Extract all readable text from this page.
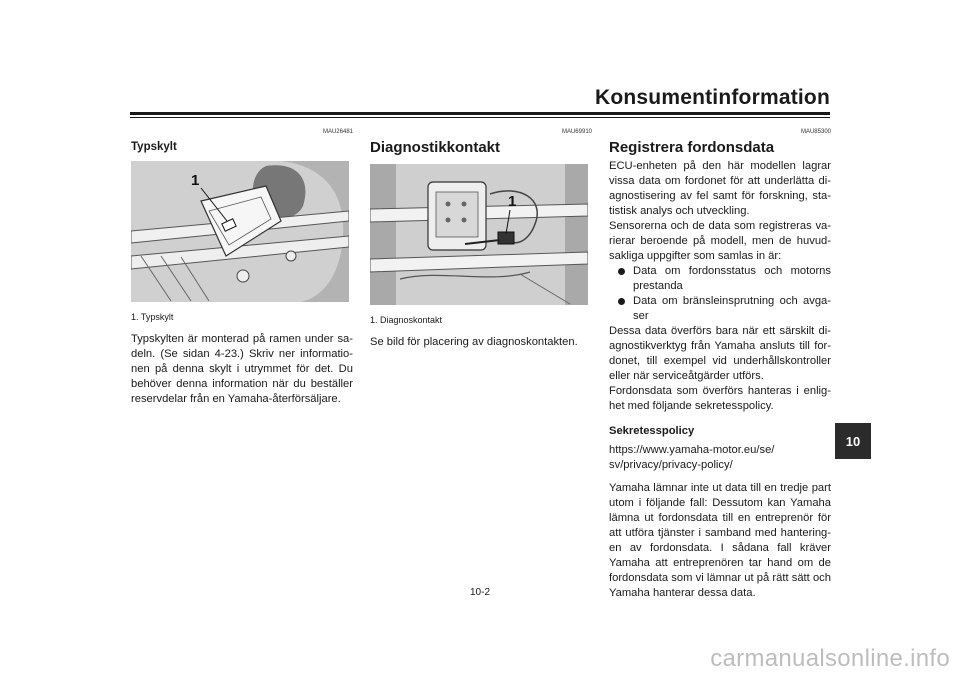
Konsumentinformation
MAU26481
Typskylt
1
1. Typskylt
Typskylten är monterad på ramen under sa-deln. (Se sidan 4-23.) Skriv ner informatio-nen på denna skylt i utrymmet för det. Du behöver denna information när du beställer reservdelar från en Yamaha-återförsäljare.
MAU69910
Diagnostikkontakt
1
1. Diagnoskontakt
Se bild för placering av diagnoskontakten.
MAU85300
Registrera fordonsdata

ECU-enheten på den här modellen lagrar vissa data om fordonet för att underlätta di-agnostisering av fel samt för forskning, sta-tistisk analys och utveckling.

Sensorerna och de data som registreras va-rierar beroende på modell, men de huvud-sakliga uppgifter som samlas in är:

Data om fordonsstatus och motorns prestanda
Data om bränsleinsprutning och avga-ser

Dessa data överförs bara när ett särskilt di-agnostikverktyg från Yamaha ansluts till for-donet, till exempel vid underhållskontroller eller när serviceåtgärder utförs.

Fordonsdata som överförs hanteras i enlig-het med följande sekretesspolicy.

Sekretesspolicy
https://www.yamaha-motor.eu/se/ sv/privacy/privacy-policy/
Yamaha lämnar inte ut data till en tredje part utom i följande fall: Dessutom kan Yamaha lämna ut fordonsdata till en entreprenör för att utföra tjänster i samband med hantering-en av fordonsdata. I sådana fall kräver Yamaha att entreprenören tar hand om de fordonsdata som vi lämnar ut på rätt sätt och Yamaha hanterar dessa data.
10-2
10
carmanualsonline.info
